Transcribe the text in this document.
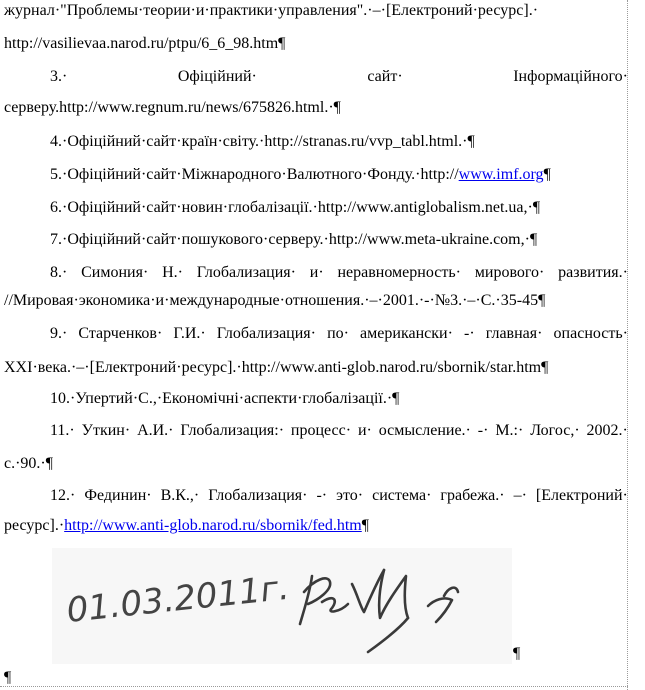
журнал·"Проблемы·теории·и·практики·управления".·–·[Електроний·ресурс].·
http://vasilievaa.narod.ru/ptpu/6_6_98.htm¶
3.·	Офіційний·	сайт·	Інформаційного·
серверу.http://www.regnum.ru/news/675826.html.·¶
4.·Офіційний·сайт·країн·світу.·http://stranas.ru/vvp_tabl.html.·¶
5.·Офіційний·сайт·Міжнародного·Валютного·Фонду.·http://www.imf.org¶
6.·Офіційний·сайт·новин·глобалізації.·http://www.antiglobalism.net.ua,·¶
7.·Офіційний·сайт·пошукового·серверу.·http://www.meta-ukraine.com,·¶
8.· Симония· Н.· Глобализация· и· неравномерность· мирового· развития.·
//Мировая·экономика·и·международные·отношения.·–·2001.·-·№3.·–·С.·35-45¶
9.· Старченков· Г.И.· Глобализация· по· американски· -· главная· опасность·
XXI·века.·–·[Електроний·ресурс].·http://www.anti-glob.narod.ru/sbornik/star.htm¶
10.·Упертий·С.,·Економічні·аспекти·глобалізації.·¶
11.· Уткин· А.И.· Глобализация:· процесс· и· осмысление.· -· М.:· Логос,· 2002.·
с.·90.·¶
12.· Фединин· В.К.,· Глобализация· -· это· система· грабежа.· –· [Електроний·
ресурс].·http://www.anti-glob.narod.ru/sbornik/fed.htm¶
01.03.2011г.
¶
¶
